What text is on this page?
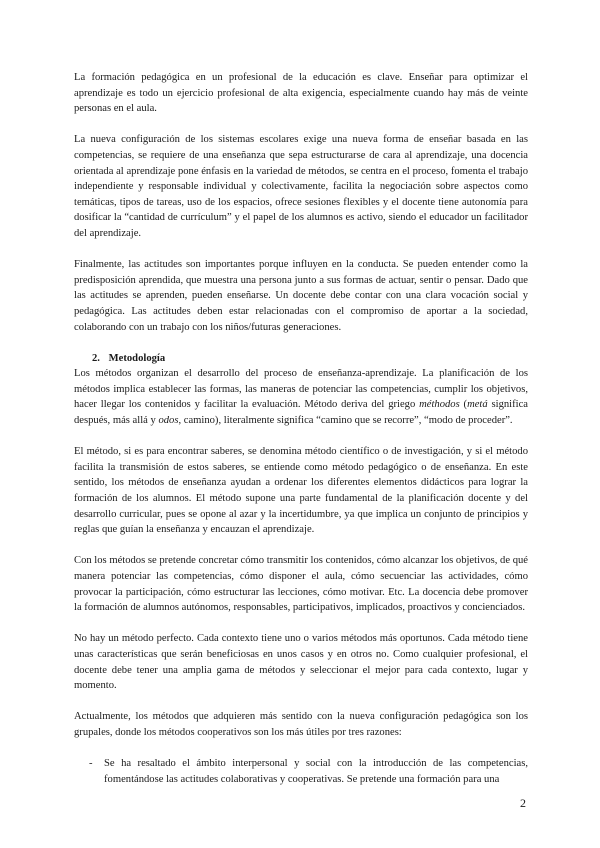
La formación pedagógica en un profesional de la educación es clave. Enseñar para optimizar el aprendizaje es todo un ejercicio profesional de alta exigencia, especialmente cuando hay más de veinte personas en el aula.

La nueva configuración de los sistemas escolares exige una nueva forma de enseñar basada en las competencias, se requiere de una enseñanza que sepa estructurarse de cara al aprendizaje, una docencia orientada al aprendizaje pone énfasis en la variedad de métodos, se centra en el proceso, fomenta el trabajo independiente y responsable individual y colectivamente, facilita la negociación sobre aspectos como temáticas, tipos de tareas, uso de los espacios, ofrece sesiones flexibles y el docente tiene autonomía para dosificar la “cantidad de currículum” y el papel de los alumnos es activo, siendo el educador un facilitador del aprendizaje.

Finalmente, las actitudes son importantes porque influyen en la conducta. Se pueden entender como la predisposición aprendida, que muestra una persona junto a sus formas de actuar, sentir o pensar. Dado que las actitudes se aprenden, pueden enseñarse. Un docente debe contar con una clara vocación social y pedagógica. Las actitudes deben estar relacionadas con el compromiso de aportar a la sociedad, colaborando con un trabajo con los niños/futuras generaciones.

2. Metodología

Los métodos organizan el desarrollo del proceso de enseñanza-aprendizaje. La planificación de los métodos implica establecer las formas, las maneras de potenciar las competencias, cumplir los objetivos, hacer llegar los contenidos y facilitar la evaluación. Método deriva del griego méthodos (metá significa después, más allá y odos, camino), literalmente significa “camino que se recorre”, “modo de proceder”.

El método, si es para encontrar saberes, se denomina método científico o de investigación, y si el método facilita la transmisión de estos saberes, se entiende como método pedagógico o de enseñanza. En este sentido, los métodos de enseñanza ayudan a ordenar los diferentes elementos didácticos para lograr la formación de los alumnos. El método supone una parte fundamental de la planificación docente y del desarrollo curricular, pues se opone al azar y la incertidumbre, ya que implica un conjunto de principios y reglas que guían la enseñanza y encauzan el aprendizaje.

Con los métodos se pretende concretar cómo transmitir los contenidos, cómo alcanzar los objetivos, de qué manera potenciar las competencias, cómo disponer el aula, cómo secuenciar las actividades, cómo provocar la participación, cómo estructurar las lecciones, cómo motivar. Etc. La docencia debe promover la formación de alumnos autónomos, responsables, participativos, implicados, proactivos y concienciados.

No hay un método perfecto. Cada contexto tiene uno o varios métodos más oportunos. Cada método tiene unas características que serán beneficiosas en unos casos y en otros no. Como cualquier profesional, el docente debe tener una amplia gama de métodos y seleccionar el mejor para cada contexto, lugar y momento.

Actualmente, los métodos que adquieren más sentido con la nueva configuración pedagógica son los grupales, donde los métodos cooperativos son los más útiles por tres razones:

- Se ha resaltado el ámbito interpersonal y social con la introducción de las competencias, fomentándose las actitudes colaborativas y cooperativas. Se pretende una formación para una
2
